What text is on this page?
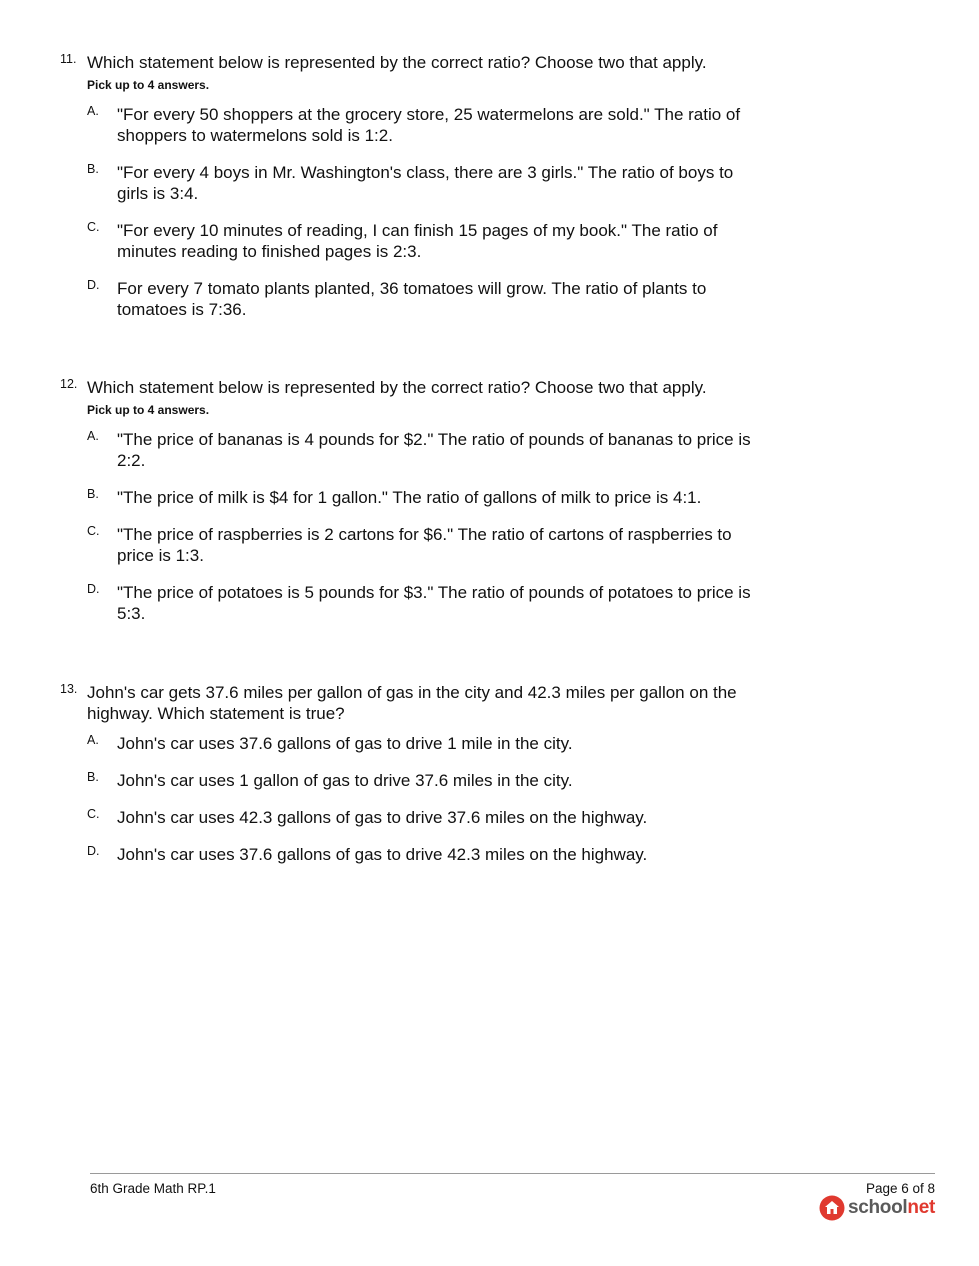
11. Which statement below is represented by the correct ratio? Choose two that apply.
Pick up to 4 answers.
A. "For every 50 shoppers at the grocery store, 25 watermelons are sold." The ratio of shoppers to watermelons sold is 1:2.
B. "For every 4 boys in Mr. Washington's class, there are 3 girls." The ratio of boys to girls is 3:4.
C. "For every 10 minutes of reading, I can finish 15 pages of my book." The ratio of minutes reading to finished pages is 2:3.
D. For every 7 tomato plants planted, 36 tomatoes will grow. The ratio of plants to tomatoes is 7:36.
12. Which statement below is represented by the correct ratio? Choose two that apply.
Pick up to 4 answers.
A. "The price of bananas is 4 pounds for $2." The ratio of pounds of bananas to price is 2:2.
B. "The price of milk is $4 for 1 gallon." The ratio of gallons of milk to price is 4:1.
C. "The price of raspberries is 2 cartons for $6." The ratio of cartons of raspberries to price is 1:3.
D. "The price of potatoes is 5 pounds for $3." The ratio of pounds of potatoes to price is 5:3.
13. John's car gets 37.6 miles per gallon of gas in the city and 42.3 miles per gallon on the highway. Which statement is true?
A. John's car uses 37.6 gallons of gas to drive 1 mile in the city.
B. John's car uses 1 gallon of gas to drive 37.6 miles in the city.
C. John's car uses 42.3 gallons of gas to drive 37.6 miles on the highway.
D. John's car uses 37.6 gallons of gas to drive 42.3 miles on the highway.
6th Grade Math RP.1	Page 6 of 8
schoolnet
